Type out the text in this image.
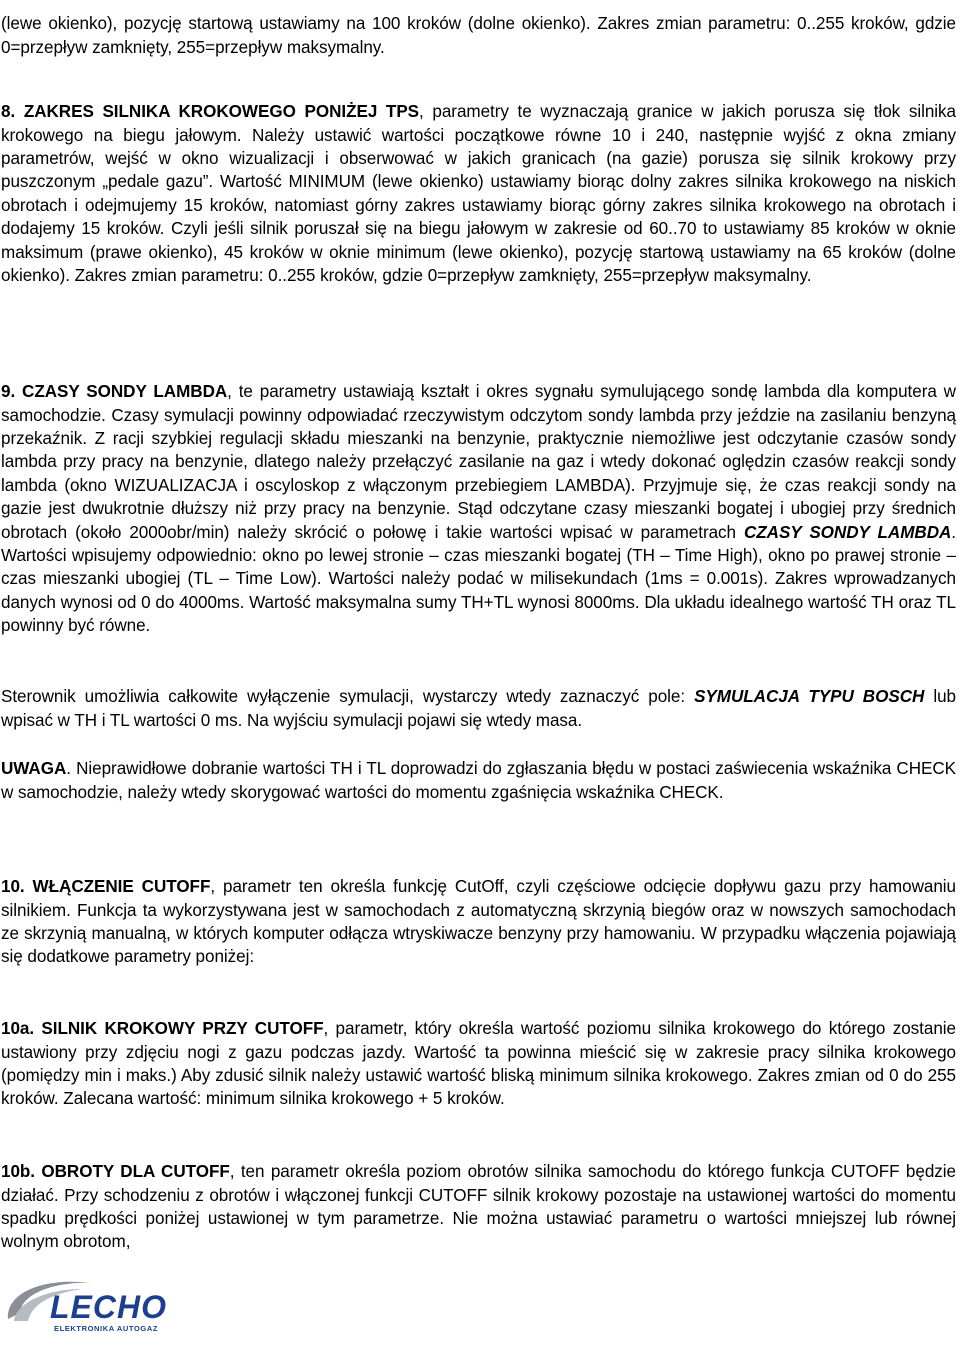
(lewe okienko), pozycję startową ustawiamy na 100 kroków (dolne okienko). Zakres zmian parametru: 0..255 kroków, gdzie 0=przepływ zamknięty, 255=przepływ maksymalny.

8. ZAKRES SILNIKA KROKOWEGO PONIŻEJ TPS, parametry te wyznaczają granice w jakich porusza się tłok silnika krokowego na biegu jałowym. Należy ustawić wartości początkowe równe 10 i 240, następnie wyjść z okna zmiany parametrów, wejść w okno wizualizacji i obserwować w jakich granicach (na gazie) porusza się silnik krokowy przy puszczonym „pedale gazu”. Wartość MINIMUM (lewe okienko) ustawiamy biorąc dolny zakres silnika krokowego na niskich obrotach i odejmujemy 15 kroków, natomiast górny zakres ustawiamy biorąc górny zakres silnika krokowego na obrotach i dodajemy 15 kroków. Czyli jeśli silnik poruszał się na biegu jałowym w zakresie od 60..70 to ustawiamy 85 kroków w oknie maksimum (prawe okienko), 45 kroków w oknie minimum (lewe okienko), pozycję startową ustawiamy na 65 kroków (dolne okienko). Zakres zmian parametru: 0..255 kroków, gdzie 0=przepływ zamknięty, 255=przepływ maksymalny.

9. CZASY SONDY LAMBDA, te parametry ustawiają kształt i okres sygnału symulującego sondę lambda dla komputera w samochodzie. Czasy symulacji powinny odpowiadać rzeczywistym odczytom sondy lambda przy jeździe na zasilaniu benzyną przekaźnik. Z racji szybkiej regulacji składu mieszanki na benzynie, praktycznie niemożliwe jest odczytanie czasów sondy lambda przy pracy na benzynie, dlatego należy przełączyć zasilanie na gaz i wtedy dokonać oględzin czasów reakcji sondy lambda (okno WIZUALIZACJA i oscyloskop z włączonym przebiegiem LAMBDA). Przyjmuje się, że czas reakcji sondy na gazie jest dwukrotnie dłuższy niż przy pracy na benzynie. Stąd odczytane czasy mieszanki bogatej i ubogiej przy średnich obrotach (około 2000obr/min) należy skrócić o połowę i takie wartości wpisać w parametrach CZASY SONDY LAMBDA. Wartości wpisujemy odpowiednio: okno po lewej stronie – czas mieszanki bogatej (TH – Time High), okno po prawej stronie – czas mieszanki ubogiej (TL – Time Low). Wartości należy podać w milisekundach (1ms = 0.001s). Zakres wprowadzanych danych wynosi od 0 do 4000ms. Wartość maksymalna sumy TH+TL wynosi 8000ms. Dla układu idealnego wartość TH oraz TL powinny być równe.

Sterownik umożliwia całkowite wyłączenie symulacji, wystarczy wtedy zaznaczyć pole: SYMULACJA TYPU BOSCH lub wpisać w TH i TL wartości 0 ms. Na wyjściu symulacji pojawi się wtedy masa.

UWAGA. Nieprawidłowe dobranie wartości TH i TL doprowadzi do zgłaszania błędu w postaci zaświecenia wskaźnika CHECK w samochodzie, należy wtedy skorygować wartości do momentu zgaśnięcia wskaźnika CHECK.

10. WŁĄCZENIE CUTOFF, parametr ten określa funkcję CutOff, czyli częściowe odcięcie dopływu gazu przy hamowaniu silnikiem. Funkcja ta wykorzystywana jest w samochodach z automatyczną skrzynią biegów oraz w nowszych samochodach ze skrzynią manualną, w których komputer odłącza wtryskiwacze benzyny przy hamowaniu. W przypadku włączenia pojawiają się dodatkowe parametry poniżej:

10a. SILNIK KROKOWY PRZY CUTOFF, parametr, który określa wartość poziomu silnika krokowego do którego zostanie ustawiony przy zdjęciu nogi z gazu podczas jazdy. Wartość ta powinna mieścić się w zakresie pracy silnika krokowego (pomiędzy min i maks.) Aby zdusić silnik należy ustawić wartość bliską minimum silnika krokowego. Zakres zmian od 0 do 255 kroków. Zalecana wartość: minimum silnika krokowego + 5 kroków.

10b. OBROTY DLA CUTOFF, ten parametr określa poziom obrotów silnika samochodu do którego funkcja CUTOFF będzie działać. Przy schodzeniu z obrotów i włączonej funkcji CUTOFF silnik krokowy pozostaje na ustawionej wartości do momentu spadku prędkości poniżej ustawionej w tym parametrze. Nie można ustawiać parametru o wartości mniejszej lub równej wolnym obrotom,

LECHO
ELEKTRONIKA AUTOGAZ
